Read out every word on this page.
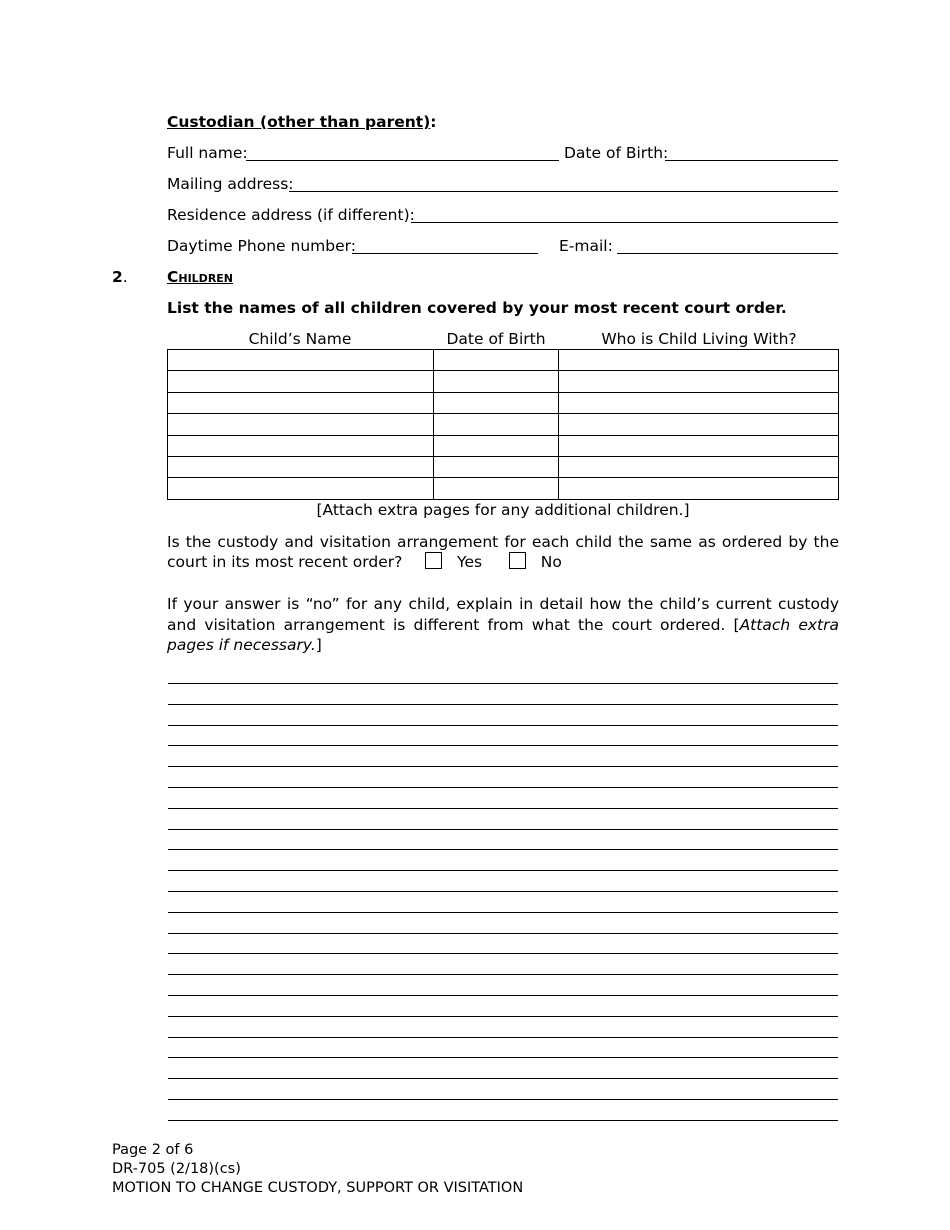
Custodian (other than parent):
Full name:	Date of Birth:
Mailing address:
Residence address (if different):
Daytime Phone number:	E-mail:
2.	Children
List the names of all children covered by your most recent court order.
Child’s Name	Date of Birth	Who is Child Living With?

[Attach extra pages for any additional children.]
Is the custody and visitation arrangement for each child the same as ordered by the court in its most recent order?	Yes	No
If your answer is “no” for any child, explain in detail how the child’s current custody and visitation arrangement is different from what the court ordered. [Attach extra pages if necessary.]
Page 2 of 6
DR-705 (2/18)(cs)
MOTION TO CHANGE CUSTODY, SUPPORT OR VISITATION
